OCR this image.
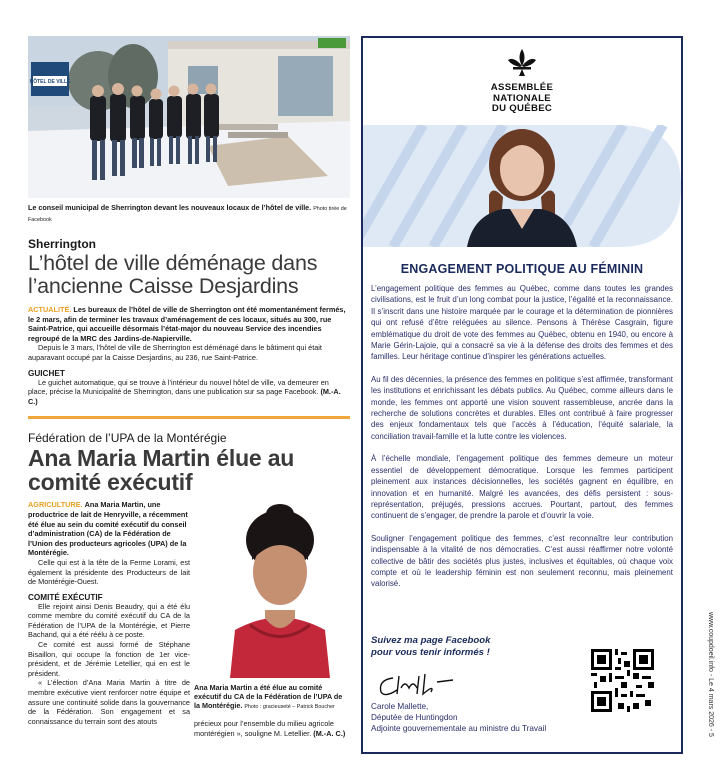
HÔTEL DE VILLE
Le conseil municipal de Sherrington devant les nouveaux locaux de l’hôtel de ville. Photo tirée de Facebook
Sherrington
L’hôtel de ville déménage dans l’ancienne Caisse Desjardins

ACTUALITÉ. Les bureaux de l’hôtel de ville de Sherrington ont été momentanément fermés, le 2 mars, afin de terminer les travaux d’aménagement de ces locaux, situés au 300, rue Saint-Patrice, qui accueille désormais l’état-major du nouveau Service des incendies regroupé de la MRC des Jardins-de-Napierville.

Depuis le 3 mars, l’hôtel de ville de Sherrington est déménagé dans le bâtiment qui était auparavant occupé par la Caisse Desjardins, au 236, rue Saint-Patrice.

GUICHET

Le guichet automatique, qui se trouve à l’intérieur du nouvel hôtel de ville, va demeurer en place, précise la Municipalité de Sherrington, dans une publication sur sa page Facebook. (M.-A. C.)

Fédération de l’UPA de la Montérégie
Ana Maria Martin élue au comité exécutif

AGRICULTURE. Ana Maria Martin, une productrice de lait de Henryville, a récemment été élue au sein du comité exécutif du conseil d’administration (CA) de la Fédération de l’Union des producteurs agricoles (UPA) de la Montérégie.

Celle qui est à la tête de la Ferme Lorami, est également la présidente des Producteurs de lait de Montérégie-Ouest.

COMITÉ EXÉCUTIF

Elle rejoint ainsi Denis Beaudry, qui a été élu comme membre du comité exécutif du CA de la Fédération de l’UPA de la Montérégie, et Pierre Bachand, qui a été réélu à ce poste.

Ce comité est aussi formé de Stéphane Bisaillon, qui occupe la fonction de 1er vice-président, et de Jérémie Letellier, qui en est le président.

« L’élection d’Ana Maria Martin à titre de membre exécutive vient renforcer notre équipe et assure une continuité solide dans la gouvernance de la Fédération. Son engagement et sa connaissance du terrain sont des atouts

Ana Maria Martin a été élue au comité exécutif du CA de la Fédération de l’UPA de la Montérégie. Photo : gracieuseté – Patrick Boucher
précieux pour l’ensemble du milieu agricole montérégien », souligne M. Letellier. (M.-A. C.)
ASSEMBLÉE
NATIONALE
DU QUÉBEC
ENGAGEMENT POLITIQUE AU FÉMININ

L’engagement politique des femmes au Québec, comme dans toutes les grandes civilisations, est le fruit d’un long combat pour la justice, l’égalité et la reconnaissance. Il s’inscrit dans une histoire marquée par le courage et la détermination de pionnières qui ont refusé d’être reléguées au silence. Pensons à Thérèse Casgrain, figure emblématique du droit de vote des femmes au Québec, obtenu en 1940, ou encore à Marie Gérin-Lajoie, qui a consacré sa vie à la défense des droits des femmes et des familles. Leur héritage continue d’inspirer les générations actuelles.

Au fil des décennies, la présence des femmes en politique s’est affirmée, transformant les institutions et enrichissant les débats publics. Au Québec, comme ailleurs dans le monde, les femmes ont apporté une vision souvent rassembleuse, ancrée dans la recherche de solutions concrètes et durables. Elles ont contribué à faire progresser des enjeux fondamentaux tels que l’accès à l’éducation, l’équité salariale, la conciliation travail-famille et la lutte contre les violences.

À l’échelle mondiale, l’engagement politique des femmes demeure un moteur essentiel de développement démocratique. Lorsque les femmes participent pleinement aux instances décisionnelles, les sociétés gagnent en équilibre, en innovation et en humanité. Malgré les avancées, des défis persistent : sous-représentation, préjugés, pressions accrues. Pourtant, partout, des femmes continuent de s’engager, de prendre la parole et d’ouvrir la voie.

Souligner l’engagement politique des femmes, c’est reconnaître leur contribution indispensable à la vitalité de nos démocraties. C’est aussi réaffirmer notre volonté collective de bâtir des sociétés plus justes, inclusives et équitables, où chaque voix compte et où le leadership féminin est non seulement reconnu, mais pleinement valorisé.

Suivez ma page Facebook
pour vous tenir informés !
Carole Mallette,
Députée de Huntingdon
Adjointe gouvernementale au ministre du Travail	www.coupdoeil.info - Le 4 mars 2026 - 5
